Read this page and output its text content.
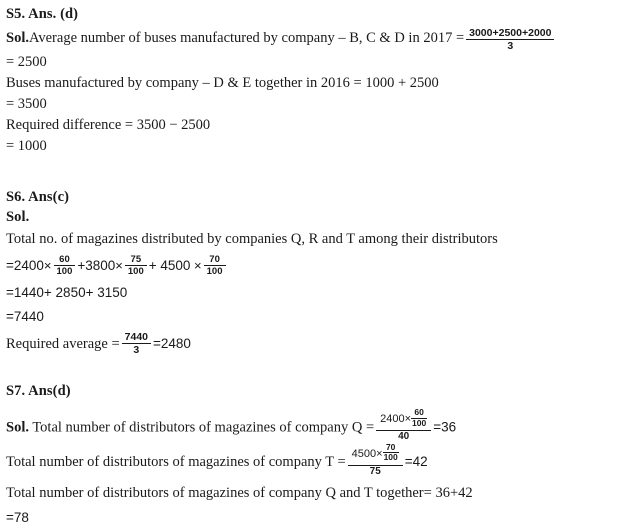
S5. Ans. (d)
Sol.Average number of buses manufactured by company – B, C & D in $2017 = \frac{3000+2500+2000}{3}$
= 2500
Buses manufactured by company – D & E together in 2016 = 1000 + 2500
= 3500
Required difference = 3500 − 2500
= 1000
S6. Ans(c)
Sol.
Total no. of magazines distributed by companies Q, R and T among their distributors
$=2400\times \frac{60}{100} +3800\times \frac{75}{100} + 4500 \times \frac{70}{100}$
=1440+ 2850+ 3150
=7440
Required average = $\frac{7440}{3} =2480$
S7. Ans(d)
Sol. Total number of distributors of magazines of company $Q = \frac{2400\times \frac{60}{100}}{40} =36$
Total number of distributors of magazines of company $T = \frac{4500\times \frac{70}{100}}{75} =42$
Total number of distributors of magazines of company Q and T together= 36+42
=78
